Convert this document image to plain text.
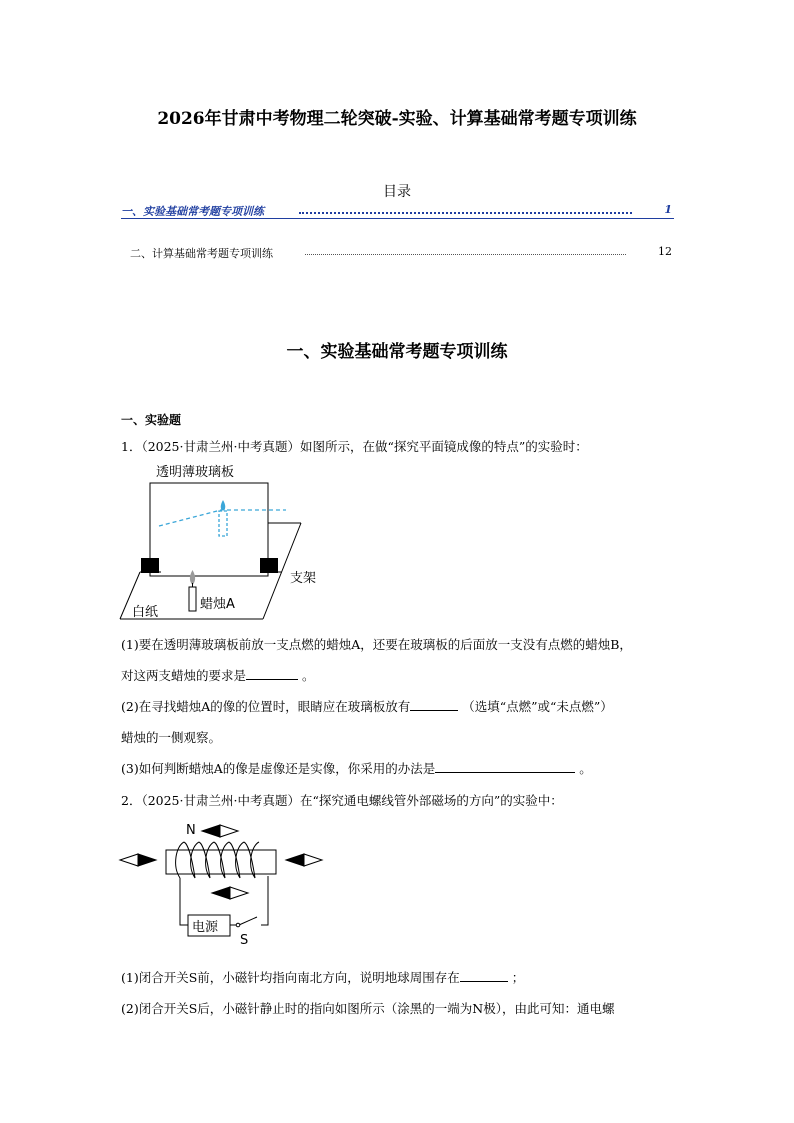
2026年甘肃中考物理二轮突破-实验、计算基础常考题专项训练
目录
一、实验基础常考题专项训练	1
二、计算基础常考题专项训练	12
一、实验基础常考题专项训练
一、实验题
1．（2025·甘肃兰州·中考真题）如图所示，在做“探究平面镜成像的特点”的实验时：
透明薄玻璃板
支架
蜡烛A
白纸
(1)要在透明薄玻璃板前放一支点燃的蜡烛A，还要在玻璃板的后面放一支没有点燃的蜡烛B，
对这两支蜡烛的要求是	。
(2)在寻找蜡烛A的像的位置时，眼睛应在玻璃板放有	（选填“点燃”或“未点燃”）
蜡烛的一侧观察。
(3)如何判断蜡烛A的像是虚像还是实像，你采用的办法是	。
2．（2025·甘肃兰州·中考真题）在“探究通电螺线管外部磁场的方向”的实验中：
N
电源
S
(1)闭合开关S前，小磁针均指向南北方向，说明地球周围存在	；
(2)闭合开关S后，小磁针静止时的指向如图所示（涂黑的一端为N极），由此可知：通电螺
